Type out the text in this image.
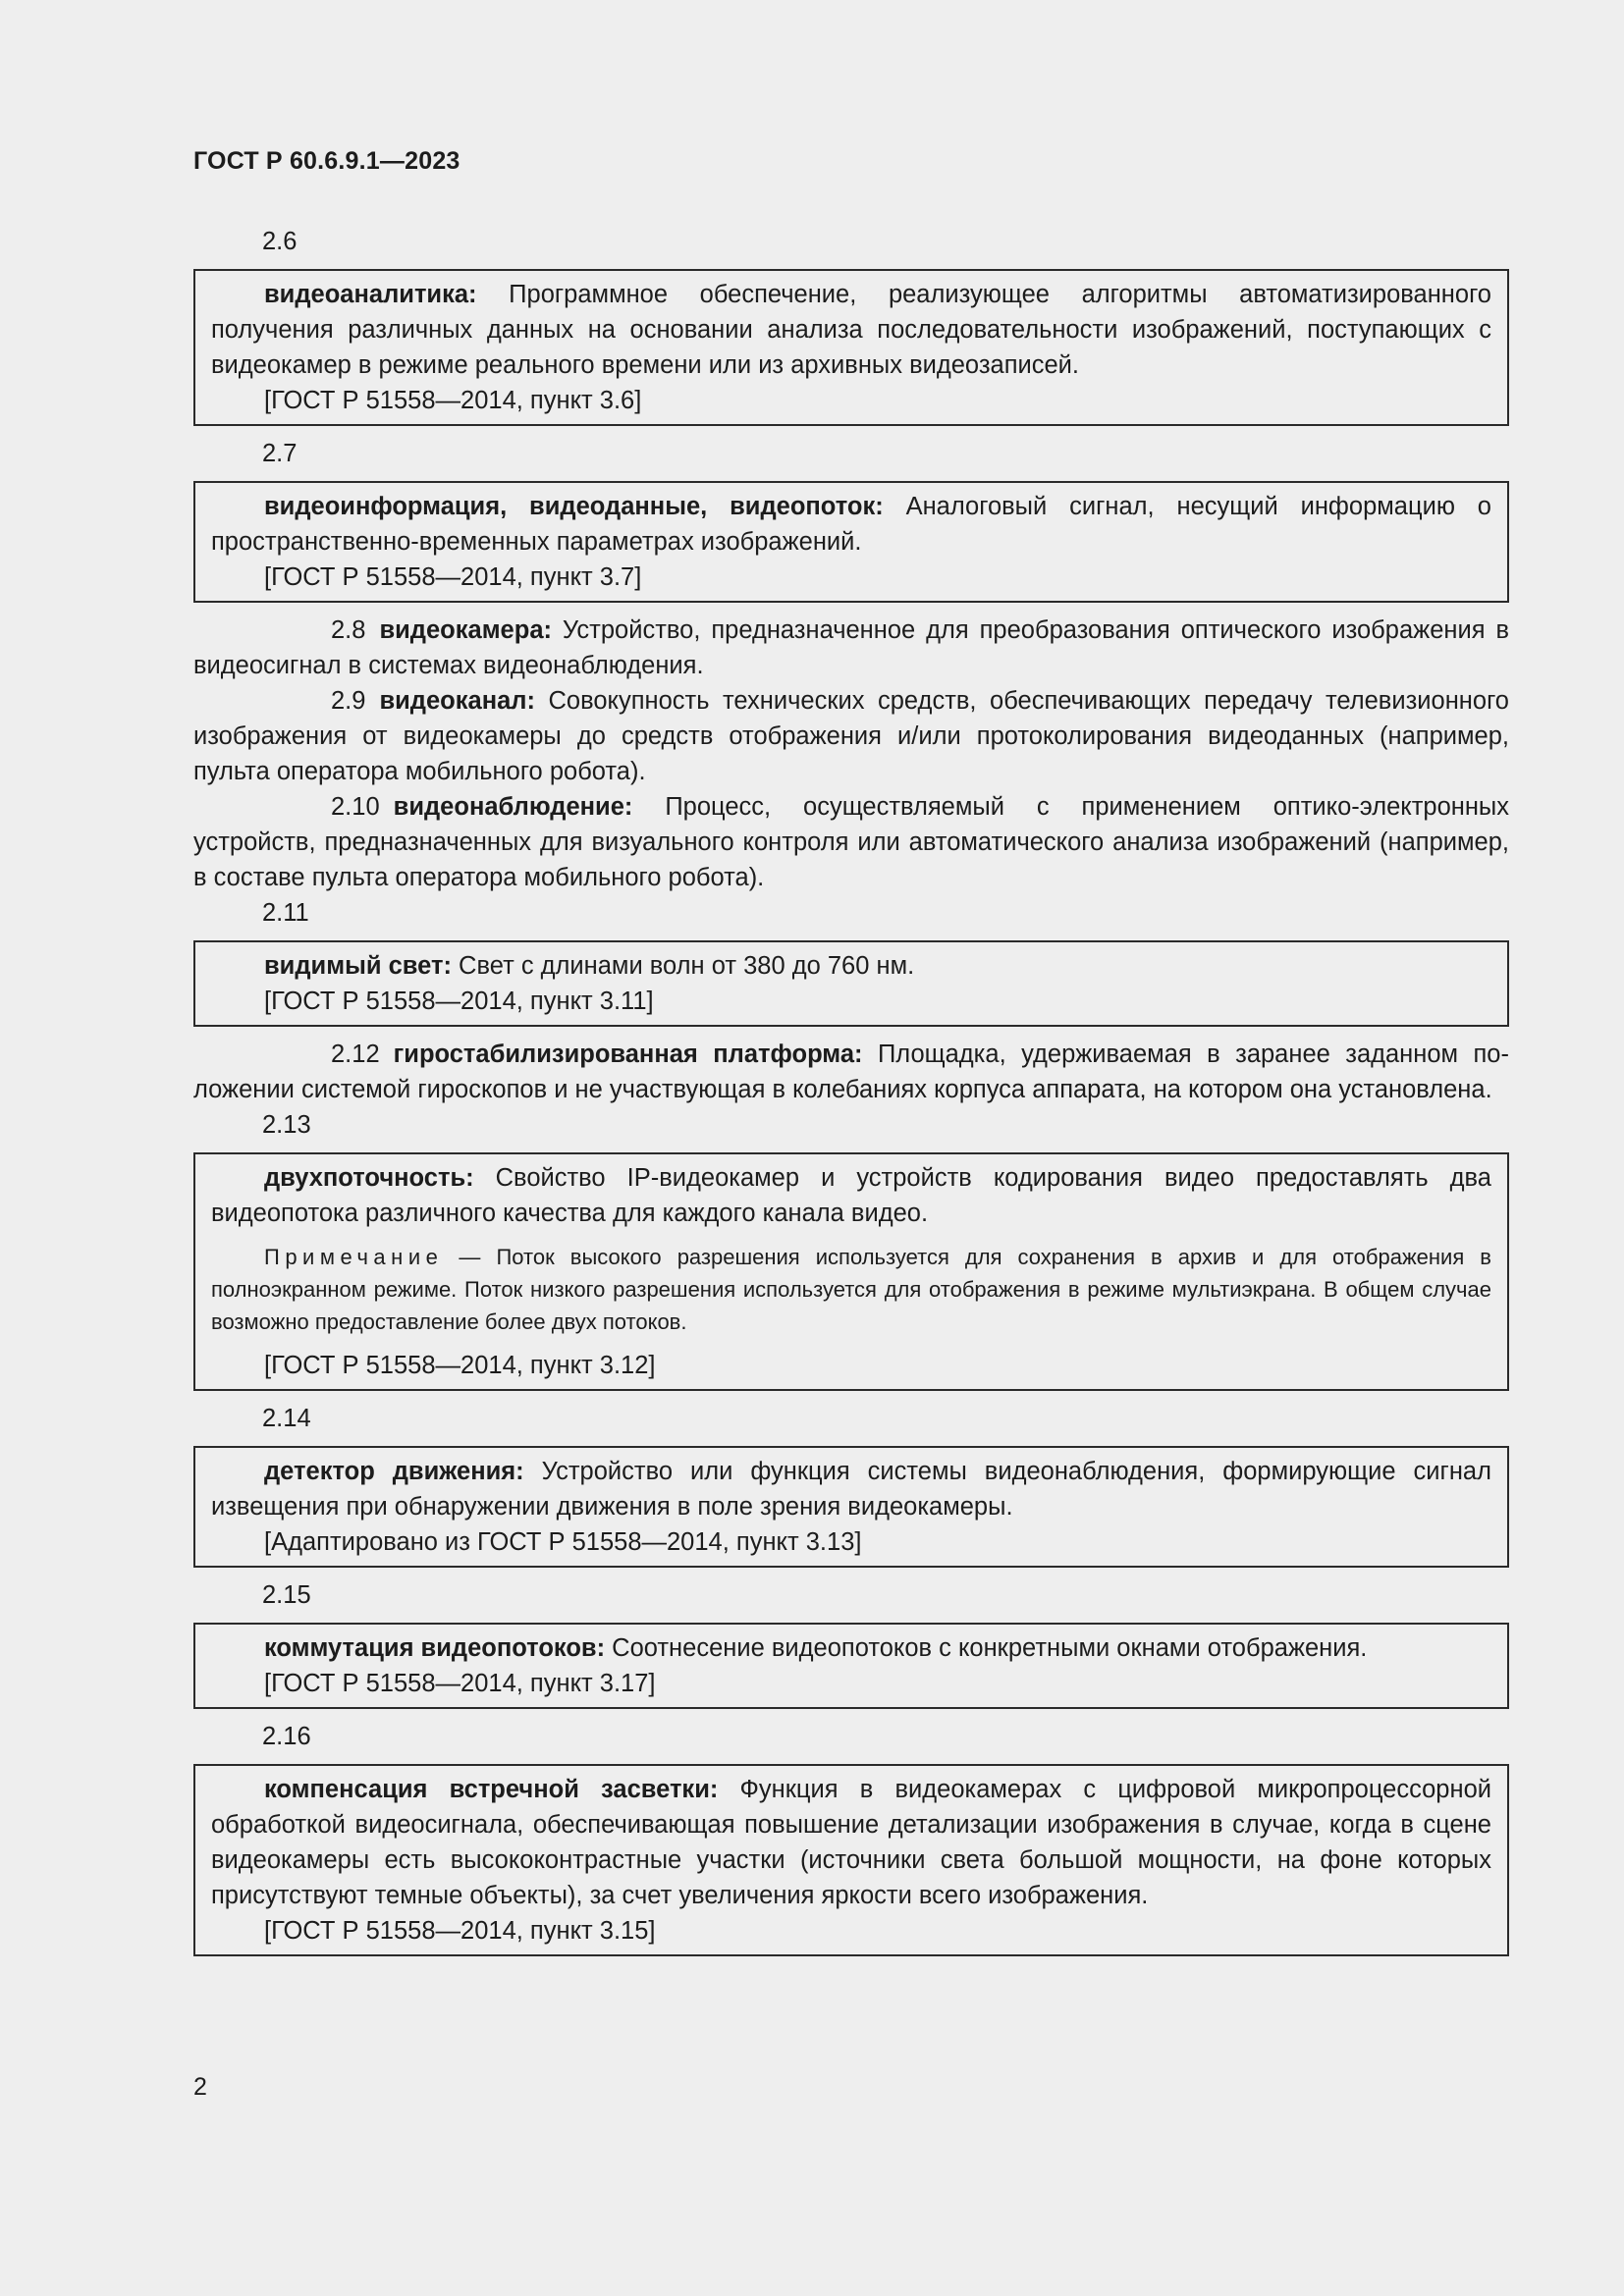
ГОСТ Р 60.6.9.1—2023

2.6

видеоаналитика: Программное обеспечение, реализующее алгоритмы автоматизированного получения различных данных на основании анализа последовательности изображений, поступающих с видеокамер в режиме реального времени или из архивных видеозаписей.

[ГОСТ Р 51558—2014, пункт 3.6]

2.7

видеоинформация, видеоданные, видеопоток: Аналоговый сигнал, несущий информацию о пространственно-временных параметрах изображений.

[ГОСТ Р 51558—2014, пункт 3.7]

2.8 видеокамера: Устройство, предназначенное для преобразования оптического изображения в видеосигнал в системах видеонаблюдения.

2.9 видеоканал: Совокупность технических средств, обеспечивающих передачу телевизионного изображения от видеокамеры до средств отображения и/или протоколирования видеоданных (например, пульта оператора мобильного робота).

2.10 видеонаблюдение: Процесс, осуществляемый с применением оптико-электронных устройств, предназначенных для визуального контроля или автоматического анализа изображений (например, в составе пульта оператора мобильного робота).

2.11

видимый свет: Свет с длинами волн от 380 до 760 нм.

[ГОСТ Р 51558—2014, пункт 3.11]

2.12 гиростабилизированная платформа: Площадка, удерживаемая в заранее заданном положении системой гироскопов и не участвующая в колебаниях корпуса аппарата, на котором она установлена.

2.13

двухпоточность: Свойство IP-видеокамер и устройств кодирования видео предоставлять два видеопотока различного качества для каждого канала видео.

Примечание — Поток высокого разрешения используется для сохранения в архив и для отображения в полноэкранном режиме. Поток низкого разрешения используется для отображения в режиме мультиэкрана. В общем случае возможно предоставление более двух потоков.

[ГОСТ Р 51558—2014, пункт 3.12]

2.14

детектор движения: Устройство или функция системы видеонаблюдения, формирующие сигнал извещения при обнаружении движения в поле зрения видеокамеры.

[Адаптировано из ГОСТ Р 51558—2014, пункт 3.13]

2.15

коммутация видеопотоков: Соотнесение видеопотоков с конкретными окнами отображения.

[ГОСТ Р 51558—2014, пункт 3.17]

2.16

компенсация встречной засветки: Функция в видеокамерах с цифровой микропроцессорной обработкой видеосигнала, обеспечивающая повышение детализации изображения в случае, когда в сцене видеокамеры есть высококонтрастные участки (источники света большой мощности, на фоне которых присутствуют темные объекты), за счет увеличения яркости всего изображения.

[ГОСТ Р 51558—2014, пункт 3.15]

2
